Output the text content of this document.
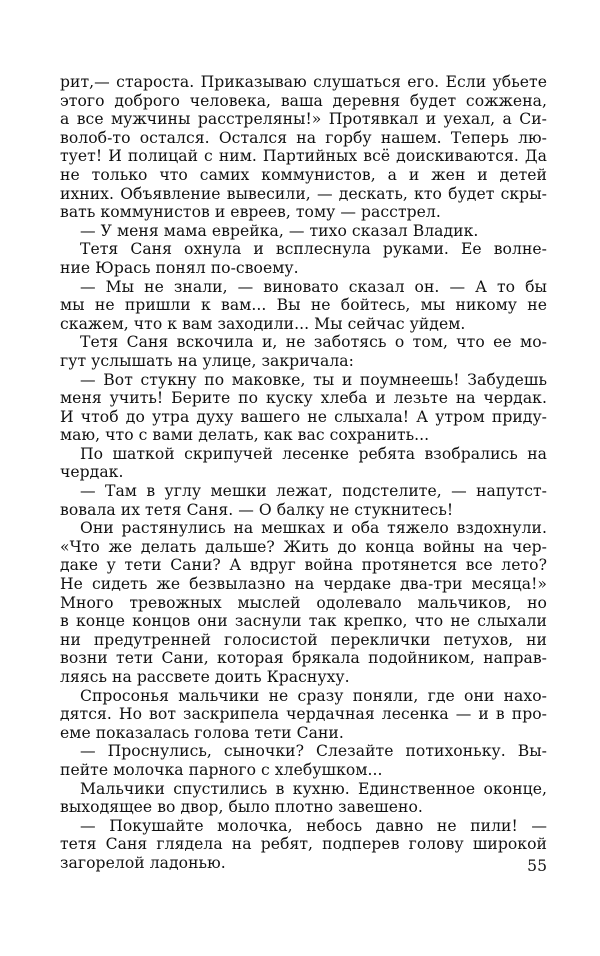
рит,— староста. Приказываю слушаться его. Если убьете
этого доброго человека, ваша деревня будет сожжена,
а все мужчины расстреляны!» Протявкал и уехал, а Си-
волоб-то остался. Остался на горбу нашем. Теперь лю-
тует! И полицай с ним. Партийных всё доискиваются. Да
не только что самих коммунистов, а и жен и детей
ихних. Объявление вывесили, — дескать, кто будет скры-
вать коммунистов и евреев, тому — расстрел.
— У меня мама еврейка, — тихо сказал Владик.
Тетя Саня охнула и всплеснула руками. Ее волне-
ние Юрась понял по-своему.
— Мы не знали, — виновато сказал он. — А то бы
мы не пришли к вам... Вы не бойтесь, мы никому не
скажем, что к вам заходили... Мы сейчас уйдем.
Тетя Саня вскочила и, не заботясь о том, что ее мо-
гут услышать на улице, закричала:
— Вот стукну по маковке, ты и поумнеешь! Забудешь
меня учить! Берите по куску хлеба и лезьте на чердак.
И чтоб до утра духу вашего не слыхала! А утром приду-
маю, что с вами делать, как вас сохранить...
По шаткой скрипучей лесенке ребята взобрались на
чердак.
— Там в углу мешки лежат, подстелите, — напутст-
вовала их тетя Саня. — О балку не стукнитесь!
Они растянулись на мешках и оба тяжело вздохнули.
«Что же делать дальше? Жить до конца войны на чер-
даке у тети Сани? А вдруг война протянется все лето?
Не сидеть же безвылазно на чердаке два-три месяца!»
Много тревожных мыслей одолевало мальчиков, но
в конце концов они заснули так крепко, что не слыхали
ни предутренней голосистой переклички петухов, ни
возни тети Сани, которая брякала подойником, направ-
ляясь на рассвете доить Краснуху.
Спросонья мальчики не сразу поняли, где они нахо-
дятся. Но вот заскрипела чердачная лесенка — и в про-
еме показалась голова тети Сани.
— Проснулись, сыночки? Слезайте потихоньку. Вы-
пейте молочка парного с хлебушком...
Мальчики спустились в кухню. Единственное оконце,
выходящее во двор, было плотно завешено.
— Покушайте молочка, небось давно не пили! —
тетя Саня глядела на ребят, подперев голову широкой
загорелой ладонью.	55
